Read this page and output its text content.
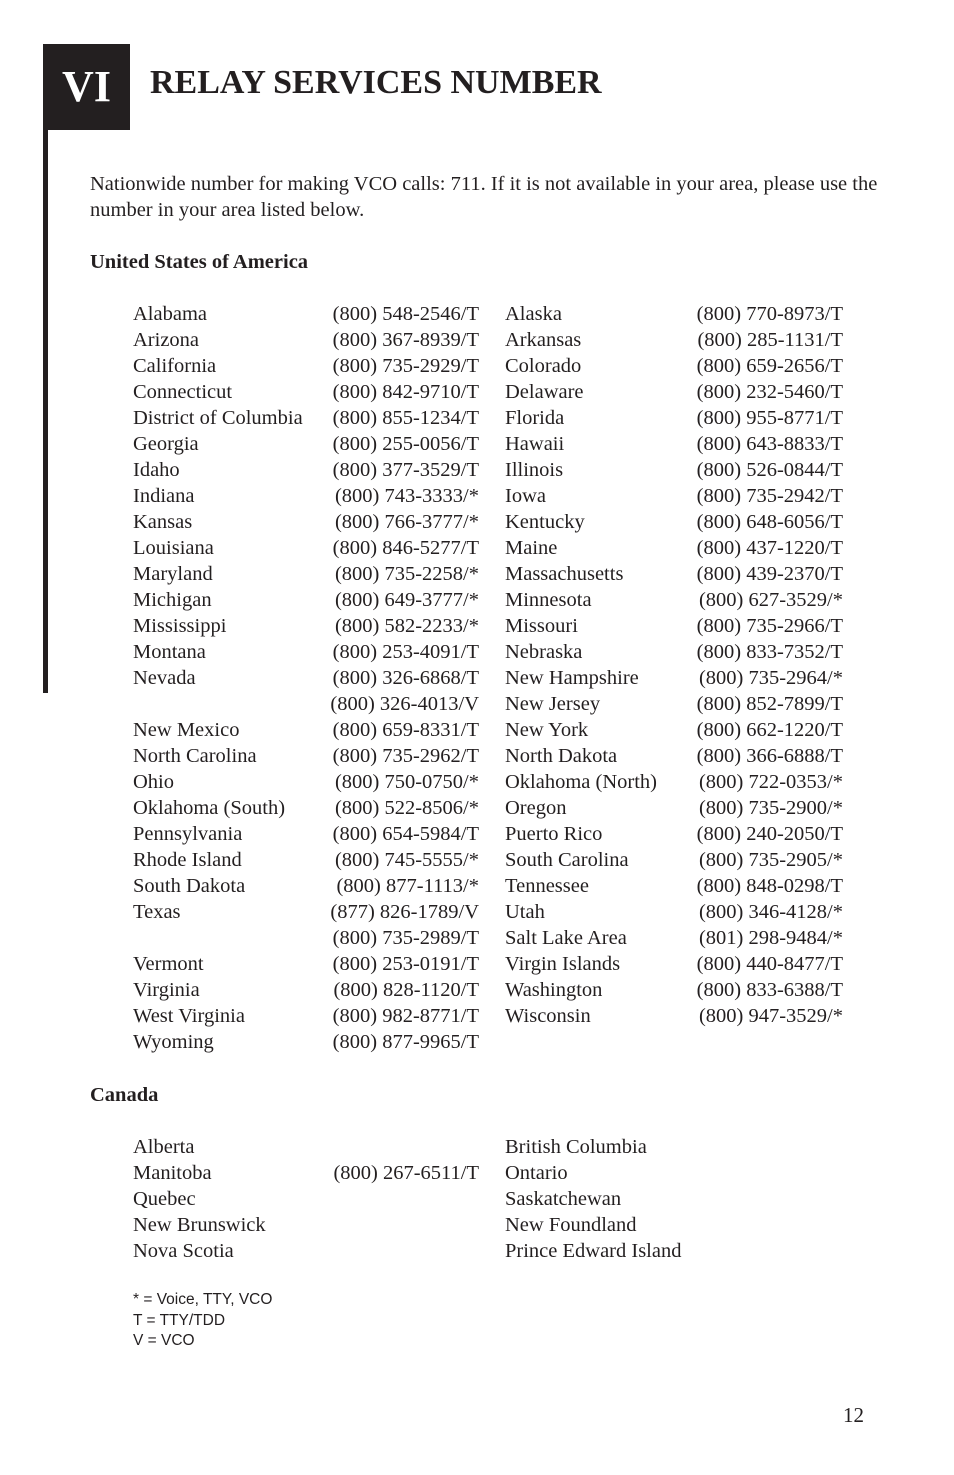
VI	RELAY SERVICES NUMBER
Nationwide number for making VCO calls: 711. If it is not available in your area, please use the number in your area listed below.
United States of America
Alabama	(800) 548-2546/T Alaska	(800) 770-8973/T
Arizona	(800) 367-8939/T Arkansas	(800) 285-1131/T
California	(800) 735-2929/T Colorado	(800) 659-2656/T
Connecticut	(800) 842-9710/T Delaware	(800) 232-5460/T
District of Columbia (800) 855-1234/T Florida	(800) 955-8771/T
Georgia	(800) 255-0056/T Hawaii	(800) 643-8833/T
Idaho	(800) 377-3529/T Illinois	(800) 526-0844/T
Indiana	(800) 743-3333/* Iowa	(800) 735-2942/T
Kansas	(800) 766-3777/* Kentucky	(800) 648-6056/T
Louisiana	(800) 846-5277/T Maine	(800) 437-1220/T
Maryland	(800) 735-2258/* Massachusetts	(800) 439-2370/T
Michigan	(800) 649-3777/* Minnesota	(800) 627-3529/*
Mississippi	(800) 582-2233/* Missouri	(800) 735-2966/T
Montana	(800) 253-4091/T Nebraska	(800) 833-7352/T
Nevada	(800) 326-6868/T New Hampshire	(800) 735-2964/*
(800) 326-4013/V New Jersey	(800) 852-7899/T
New Mexico	(800) 659-8331/T New York	(800) 662-1220/T
North Carolina	(800) 735-2962/T North Dakota	(800) 366-6888/T
Ohio	(800) 750-0750/* Oklahoma (North) (800) 722-0353/*
Oklahoma (South) (800) 522-8506/* Oregon	(800) 735-2900/*
Pennsylvania	(800) 654-5984/T Puerto Rico	(800) 240-2050/T
Rhode Island	(800) 745-5555/* South Carolina	(800) 735-2905/*
South Dakota	(800) 877-1113/* Tennessee	(800) 848-0298/T
Texas	(877) 826-1789/V Utah	(800) 346-4128/*
(800) 735-2989/T Salt Lake Area	(801) 298-9484/*
Vermont	(800) 253-0191/T Virgin Islands	(800) 440-8477/T
Virginia	(800) 828-1120/T Washington	(800) 833-6388/T
West Virginia	(800) 982-8771/T Wisconsin	(800) 947-3529/*
Wyoming	(800) 877-9965/T
Canada
Alberta	British Columbia
Manitoba	(800) 267-6511/T Ontario
Quebec	Saskatchewan
New Brunswick	New Foundland
Nova Scotia	Prince Edward Island
* = Voice, TTY, VCO
T = TTY/TDD
V = VCO
12
